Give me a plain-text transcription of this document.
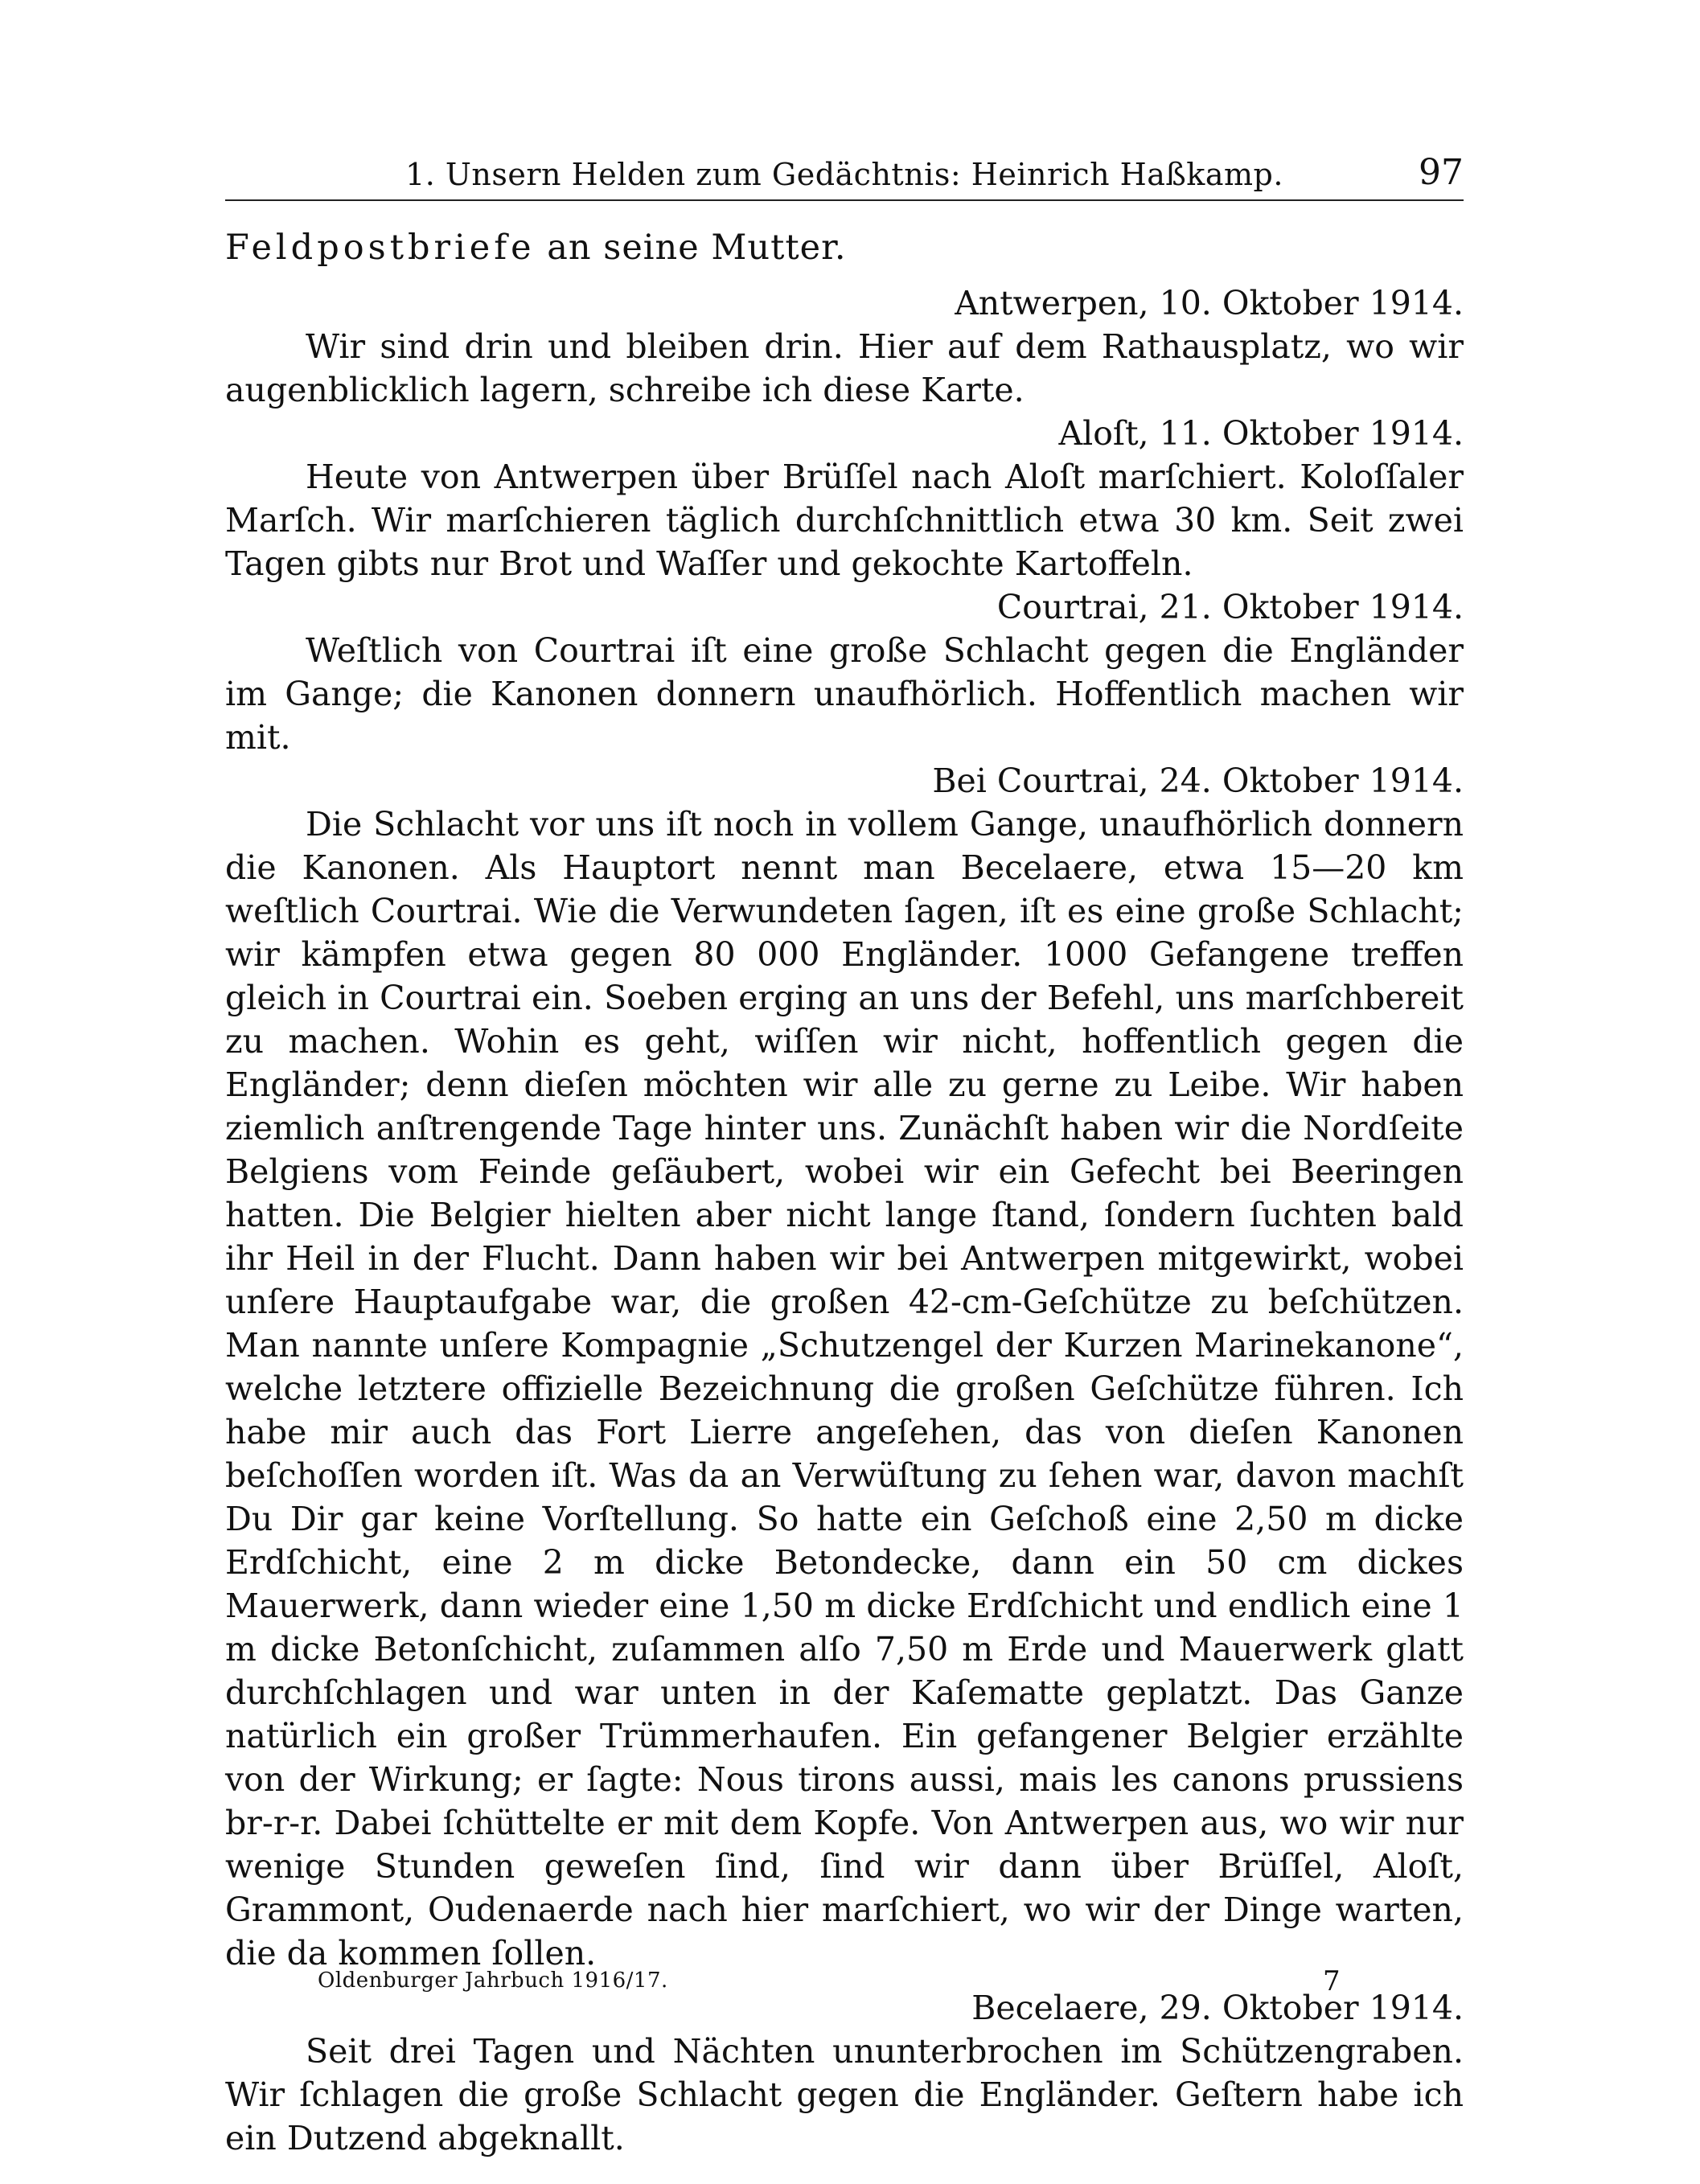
1. Unsern Helden zum Gedächtnis: Heinrich Haßkamp.	97
Feldpostbriefe an seine Mutter.

Antwerpen, 10. Oktober 1914.

Wir sind drin und bleiben drin. Hier auf dem Rathausplatz, wo wir augenblicklich lagern, schreibe ich diese Karte.

Aloſt, 11. Oktober 1914.

Heute von Antwerpen über Brüſſel nach Aloſt marſchiert. Koloſſaler Marſch. Wir marſchieren täglich durchſchnittlich etwa 30 km. Seit zwei Tagen gibts nur Brot und Waſſer und gekochte Kartoffeln.

Courtrai, 21. Oktober 1914.

Weſtlich von Courtrai iſt eine große Schlacht gegen die Engländer im Gange; die Kanonen donnern unaufhörlich. Hoffentlich machen wir mit.

Bei Courtrai, 24. Oktober 1914.

Die Schlacht vor uns iſt noch in vollem Gange, unaufhörlich donnern die Kanonen. Als Hauptort nennt man Becelaere, etwa 15—20 km weſtlich Courtrai. Wie die Verwundeten ſagen, iſt es eine große Schlacht; wir kämpfen etwa gegen 80 000 Engländer. 1000 Gefangene treffen gleich in Courtrai ein. Soeben erging an uns der Befehl, uns marſchbereit zu machen. Wohin es geht, wiſſen wir nicht, hoffentlich gegen die Engländer; denn dieſen möchten wir alle zu gerne zu Leibe. Wir haben ziemlich anſtrengende Tage hinter uns. Zunächſt haben wir die Nordſeite Belgiens vom Feinde geſäubert, wobei wir ein Gefecht bei Beeringen hatten. Die Belgier hielten aber nicht lange ſtand, ſondern ſuchten bald ihr Heil in der Flucht. Dann haben wir bei Antwerpen mitgewirkt, wobei unſere Hauptaufgabe war, die großen 42-cm-Geſchütze zu beſchützen. Man nannte unſere Kompagnie „Schutzengel der Kurzen Marinekanone“, welche letztere offizielle Bezeichnung die großen Geſchütze führen. Ich habe mir auch das Fort Lierre angeſehen, das von dieſen Kanonen beſchoſſen worden iſt. Was da an Verwüſtung zu ſehen war, davon machſt Du Dir gar keine Vorſtellung. So hatte ein Geſchoß eine 2,50 m dicke Erdſchicht, eine 2 m dicke Betondecke, dann ein 50 cm dickes Mauerwerk, dann wieder eine 1,50 m dicke Erdſchicht und endlich eine 1 m dicke Betonſchicht, zuſammen alſo 7,50 m Erde und Mauerwerk glatt durchſchlagen und war unten in der Kaſematte geplatzt. Das Ganze natürlich ein großer Trümmerhaufen. Ein gefangener Belgier erzählte von der Wirkung; er ſagte: Nous tirons aussi, mais les canons prussiens br-r-r. Dabei ſchüttelte er mit dem Kopfe. Von Antwerpen aus, wo wir nur wenige Stunden geweſen ſind, ſind wir dann über Brüſſel, Aloſt, Grammont, Oudenaerde nach hier marſchiert, wo wir der Dinge warten, die da kommen ſollen.

Becelaere, 29. Oktober 1914.

Seit drei Tagen und Nächten ununterbrochen im Schützengraben. Wir ſchlagen die große Schlacht gegen die Engländer. Geſtern habe ich ein Dutzend abgeknallt.

Oldenburger Jahrbuch 1916/17.	7
